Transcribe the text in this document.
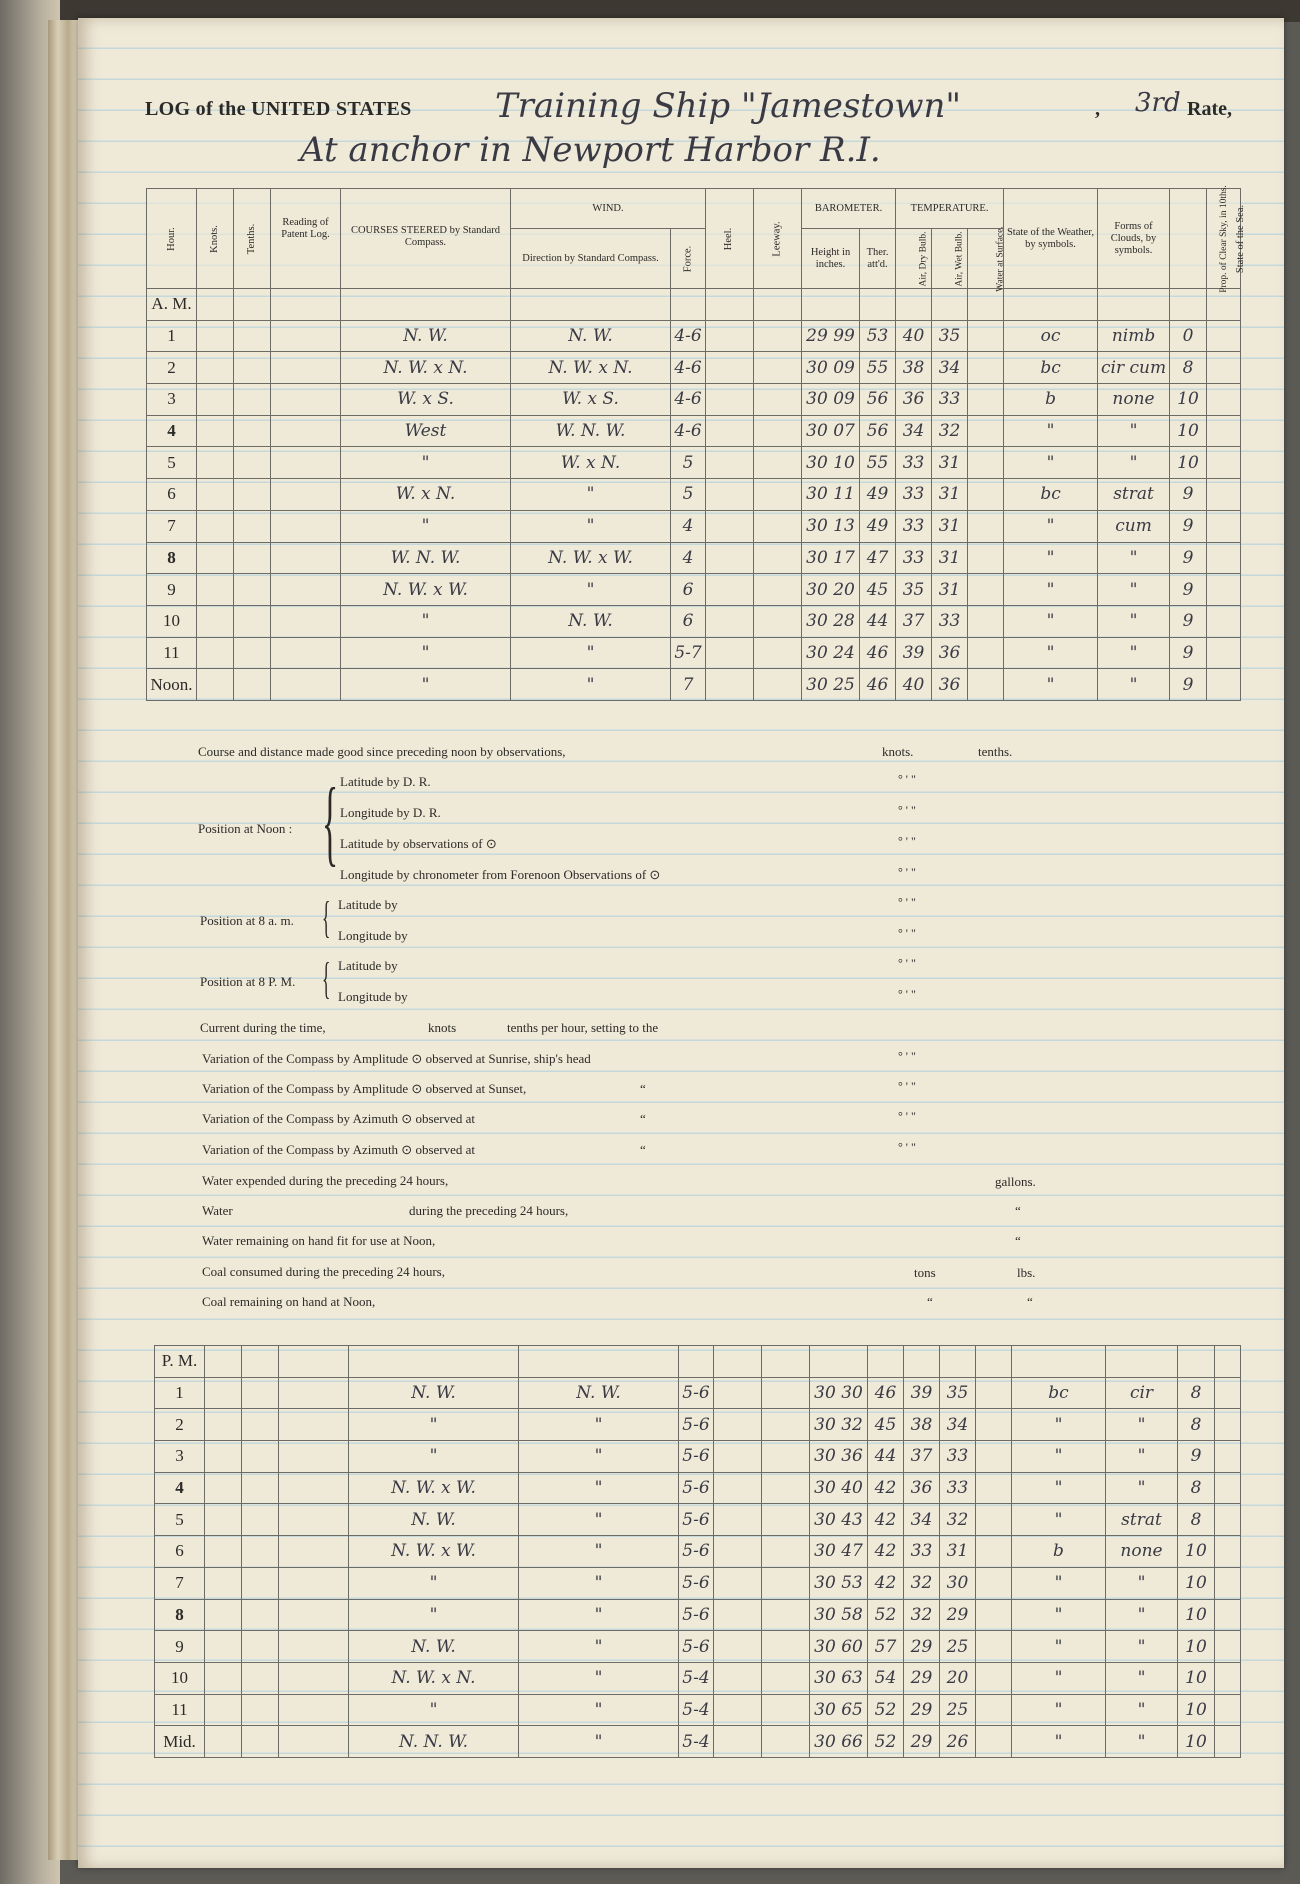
LOG of the UNITED STATES Training Ship "Jamestown"	, 3rd Rate,
At anchor in Newport Harbor R.I.
Hour.	Knots.	Tenths.	Reading of Patent Log.	COURSES STEERED by Standard Compass.	WIND.		Heel.	Leeway.	BAROMETER.		TEMPERATURE.			State of the Weather, by symbols.	Forms of Clouds, by symbols.	Prop. of Clear Sky, in 10ths.	State of the Sea.
					Direction by Standard Compass.	Force.			Height in inches.	Ther. att'd.	Air, Dry Bulb.	Air, Wet Bulb.	Water at Surface.				
A. M.																	
1				N. W.	N. W.	4-6			29 99	53	40	35		oc	nimb	0	
2				N. W. x N.	N. W. x N.	4-6			30 09	55	38	34		bc	cir cum	8	
3				W. x S.	W. x S.	4-6			30 09	56	36	33		b	none	10	
4				West	W. N. W.	4-6			30 07	56	34	32		"	"	10	
5				"	W. x N.	5			30 10	55	33	31		"	"	10	
6				W. x N.	"	5			30 11	49	33	31		bc	strat	9	
7				"	"	4			30 13	49	33	31		"	cum	9	
8				W. N. W.	N. W. x W.	4			30 17	47	33	31		"	"	9	
9				N. W. x W.	"	6			30 20	45	35	31		"	"	9	
10				"	N. W.	6			30 28	44	37	33		"	"	9	
11				"	"	5-7			30 24	46	39	36		"	"	9	
Noon.				"	"	7			30 25	46	40	36		"	"	9	
Course and distance made good since preceding noon by observations,	knots.	tenths.
Position at Noon : { Latitude by D. R.
Longitude by D. R.
Latitude by observations of ⊙
Longitude by chronometer from Forenoon Observations of ⊙
Position at 8 a. m. { Latitude by
Longitude by
Position at 8 P. M. { Latitude by
Longitude by
Current during the time,	knots	tenths per hour, setting to the
Variation of the Compass by Amplitude ⊙ observed at Sunrise, ship's head
Variation of the Compass by Amplitude ⊙ observed at Sunset,	“
Variation of the Compass by Azimuth ⊙ observed at	“
Variation of the Compass by Azimuth ⊙ observed at	“
Water expended during the preceding 24 hours,	gallons.
Water	during the preceding 24 hours,	“
Water remaining on hand fit for use at Noon,	“
Coal consumed during the preceding 24 hours,	tons	lbs.
Coal remaining on hand at Noon,	“	“
° ' "
° ' "
° ' "
° ' "
° ' "
° ' "
° ' "
° ' "
° ' "
° ' "
° ' "
° ' "
P. M.																	
1				N. W.	N. W.	5-6			30 30	46	39	35		bc	cir	8	
2				"	"	5-6			30 32	45	38	34		"	"	8	
3				"	"	5-6			30 36	44	37	33		"	"	9	
4				N. W. x W.	"	5-6			30 40	42	36	33		"	"	8	
5				N. W.	"	5-6			30 43	42	34	32		"	strat	8	
6				N. W. x W.	"	5-6			30 47	42	33	31		b	none	10	
7				"	"	5-6			30 53	42	32	30		"	"	10	
8				"	"	5-6			30 58	52	32	29		"	"	10	
9				N. W.	"	5-6			30 60	57	29	25		"	"	10	
10				N. W. x N.	"	5-4			30 63	54	29	20		"	"	10	
11				"	"	5-4			30 65	52	29	25		"	"	10	
Mid.				N. N. W.	"	5-4			30 66	52	29	26		"	"	10	
